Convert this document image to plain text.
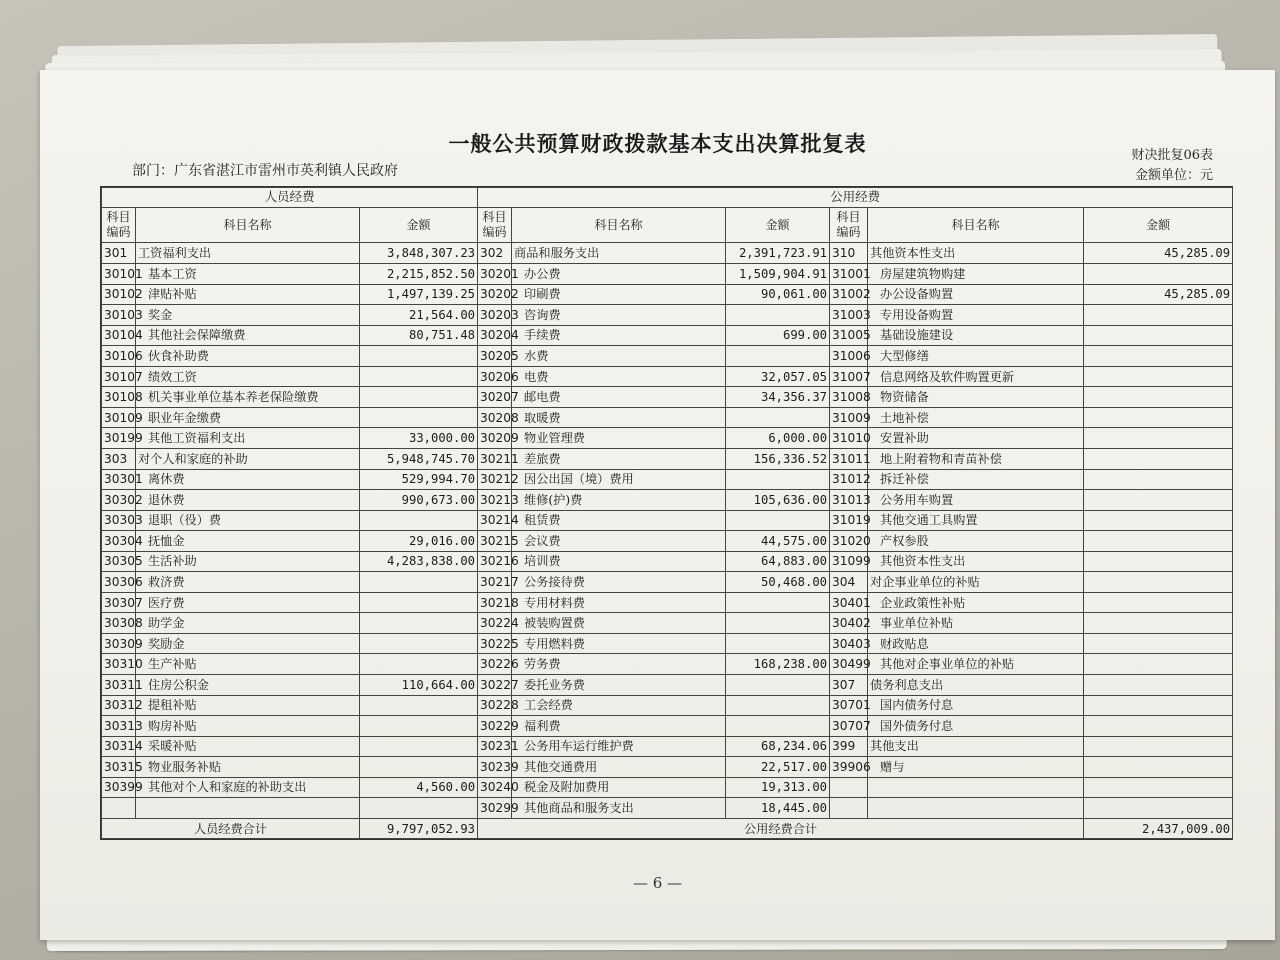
一般公共预算财政拨款基本支出决算批复表
部门：广东省湛江市雷州市英利镇人民政府
财决批复06表
金额单位：元
人员经费			公用经费					
科目编码	科目名称	金额	科目编码	科目名称	金额	科目编码	科目名称	金额
301	工资福利支出	3,848,307.23	302	商品和服务支出	2,391,723.91	310	其他资本性支出	45,285.09
30101	基本工资	2,215,852.50	30201	办公费	1,509,904.91	31001	房屋建筑物购建	
30102	津贴补贴	1,497,139.25	30202	印刷费	90,061.00	31002	办公设备购置	45,285.09
30103	奖金	21,564.00	30203	咨询费		31003	专用设备购置	
30104	其他社会保障缴费	80,751.48	30204	手续费	699.00	31005	基础设施建设	
30106	伙食补助费		30205	水费		31006	大型修缮	
30107	绩效工资		30206	电费	32,057.05	31007	信息网络及软件购置更新	
30108	机关事业单位基本养老保险缴费		30207	邮电费	34,356.37	31008	物资储备	
30109	职业年金缴费		30208	取暖费		31009	土地补偿	
30199	其他工资福利支出	33,000.00	30209	物业管理费	6,000.00	31010	安置补助	
303	对个人和家庭的补助	5,948,745.70	30211	差旅费	156,336.52	31011	地上附着物和青苗补偿	
30301	离休费	529,994.70	30212	因公出国（境）费用		31012	拆迁补偿	
30302	退休费	990,673.00	30213	维修(护)费	105,636.00	31013	公务用车购置	
30303	退职（役）费		30214	租赁费		31019	其他交通工具购置	
30304	抚恤金	29,016.00	30215	会议费	44,575.00	31020	产权参股	
30305	生活补助	4,283,838.00	30216	培训费	64,883.00	31099	其他资本性支出	
30306	救济费		30217	公务接待费	50,468.00	304	对企事业单位的补贴	
30307	医疗费		30218	专用材料费		30401	企业政策性补贴	
30308	助学金		30224	被装购置费		30402	事业单位补贴	
30309	奖励金		30225	专用燃料费		30403	财政贴息	
30310	生产补贴		30226	劳务费	168,238.00	30499	其他对企事业单位的补贴	
30311	住房公积金	110,664.00	30227	委托业务费		307	债务利息支出	
30312	提租补贴		30228	工会经费		30701	国内债务付息	
30313	购房补贴		30229	福利费		30707	国外债务付息	
30314	采暖补贴		30231	公务用车运行维护费	68,234.06	399	其他支出	
30315	物业服务补贴		30239	其他交通费用	22,517.00	39906	赠与	
30399	其他对个人和家庭的补助支出	4,560.00	30240	税金及附加费用	19,313.00			
			30299	其他商品和服务支出	18,445.00			
人员经费合计		9,797,052.93	公用经费合计					2,437,009.00
— 6 —
